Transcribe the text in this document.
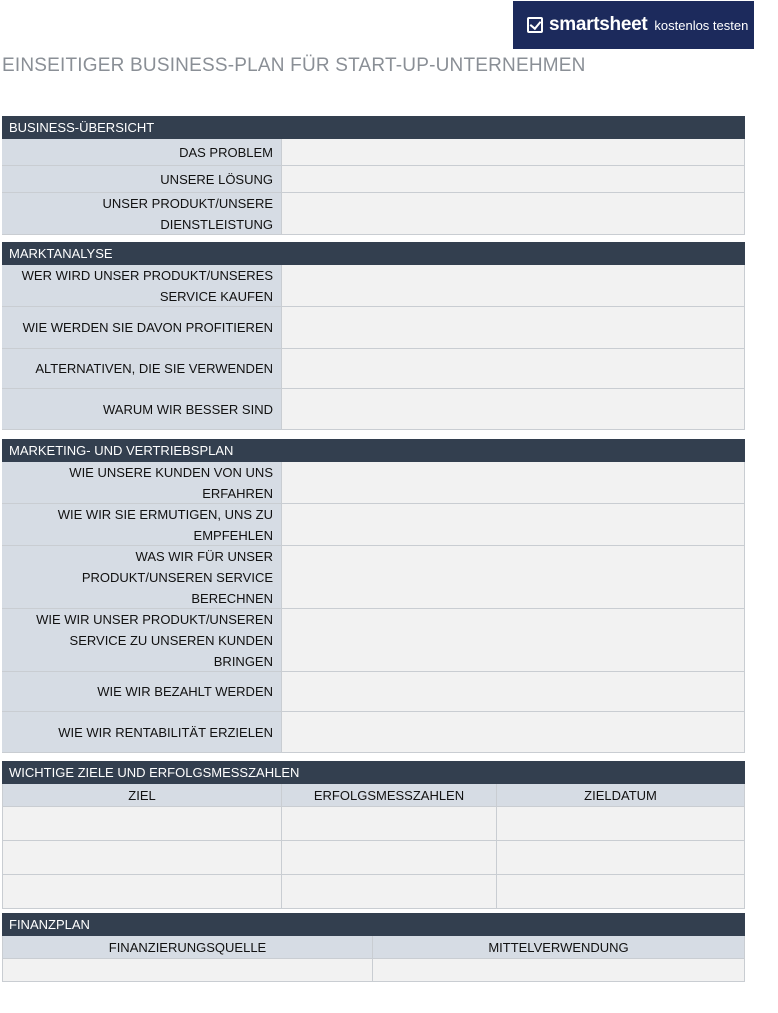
smartsheet kostenlos testen
EINSEITIGER BUSINESS-PLAN FÜR START-UP-UNTERNEHMEN
BUSINESS-ÜBERSICHT
DAS PROBLEM
UNSERE LÖSUNG
UNSER PRODUKT/UNSERE DIENSTLEISTUNG
MARKTANALYSE
WER WIRD UNSER PRODUKT/UNSERES SERVICE KAUFEN
WIE WERDEN SIE DAVON PROFITIEREN
ALTERNATIVEN, DIE SIE VERWENDEN
WARUM WIR BESSER SIND
MARKETING- UND VERTRIEBSPLAN
WIE UNSERE KUNDEN VON UNS ERFAHREN
WIE WIR SIE ERMUTIGEN, UNS ZU EMPFEHLEN
WAS WIR FÜR UNSER PRODUKT/UNSEREN SERVICE BERECHNEN
WIE WIR UNSER PRODUKT/UNSEREN SERVICE ZU UNSEREN KUNDEN BRINGEN
WIE WIR BEZAHLT WERDEN
WIE WIR RENTABILITÄT ERZIELEN
WICHTIGE ZIELE UND ERFOLGSMESSZAHLEN
ZIEL	ERFOLGSMESSZAHLEN	ZIELDATUM
FINANZPLAN
FINANZIERUNGSQUELLE	MITTELVERWENDUNG
